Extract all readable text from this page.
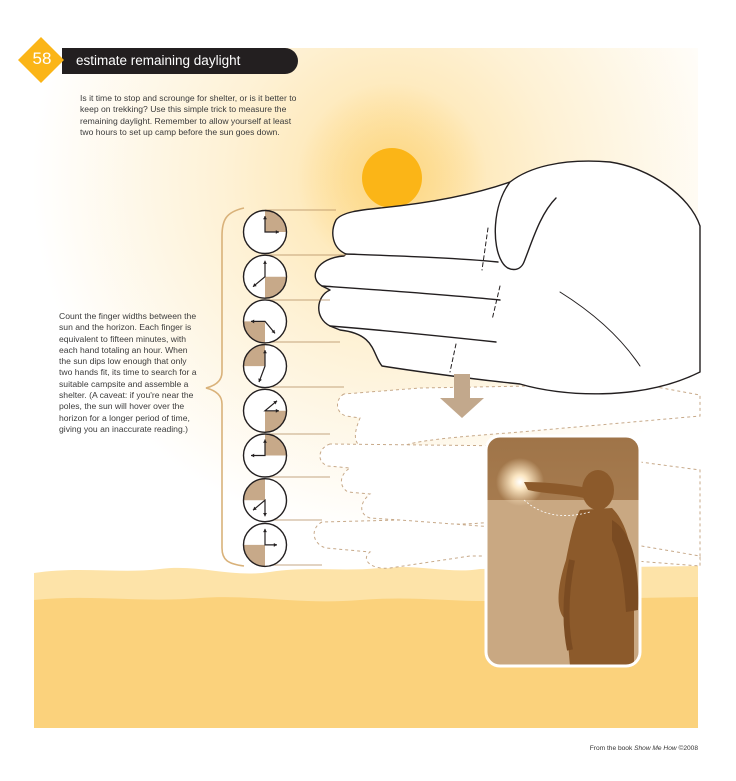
58	estimate remaining daylight
Is it time to stop and scrounge for shelter, or is it better to keep on trekking? Use this simple trick to measure the remaining daylight. Remember to allow yourself at least two hours to set up camp before the sun goes down.
Count the finger widths between the sun and the horizon. Each finger is equivalent to fifteen minutes, with each hand totaling an hour. When the sun dips low enough that only two hands fit, its time to search for a suitable campsite and assemble a shelter. (A caveat: if you're near the poles, the sun will hover over the horizon for a longer period of time, giving you an inaccurate reading.)
From the book Show Me How ©2008
